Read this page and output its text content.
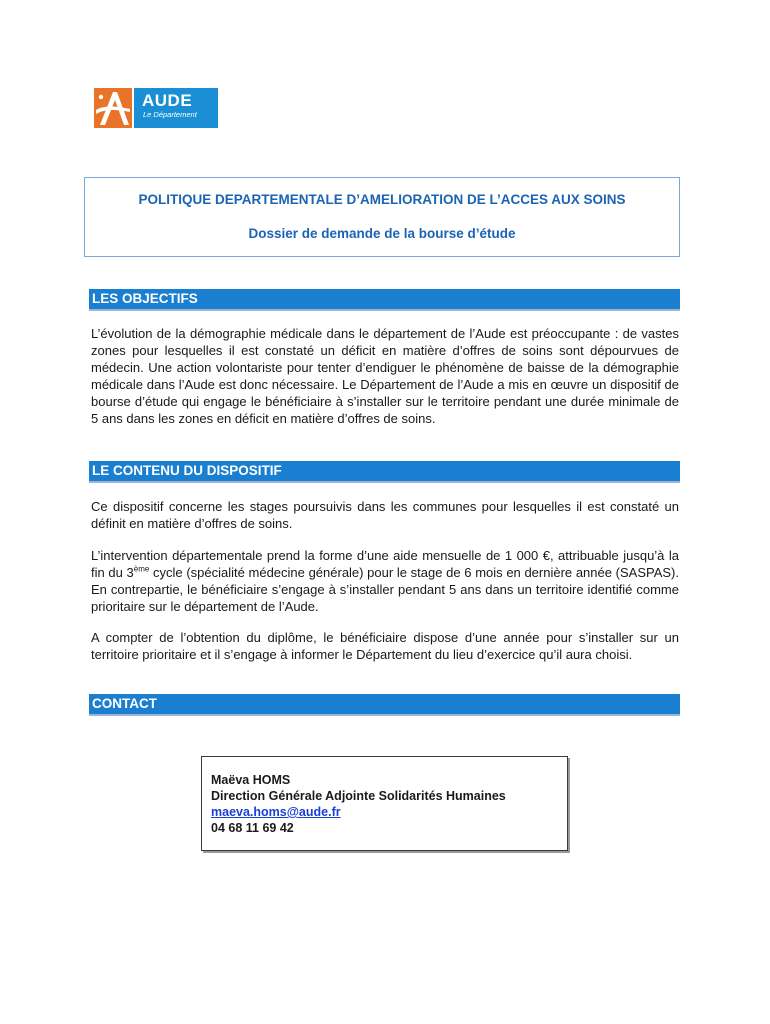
AUDE
Le Département
POLITIQUE DEPARTEMENTALE D’AMELIORATION DE L’ACCES AUX SOINS
Dossier de demande de la bourse d’étude
LES OBJECTIFS

L’évolution de la démographie médicale dans le département de l’Aude est préoccupante : de vastes zones pour lesquelles il est constaté un déficit en matière d’offres de soins sont dépourvues de médecin. Une action volontariste pour tenter d’endiguer le phénomène de baisse de la démographie médicale dans l’Aude est donc nécessaire. Le Département de l’Aude a mis en œuvre un dispositif de bourse d’étude qui engage le bénéficiaire à s’installer sur le territoire pendant une durée minimale de 5 ans dans les zones en déficit en matière d’offres de soins.

LE CONTENU DU DISPOSITIF

Ce dispositif concerne les stages poursuivis dans les communes pour lesquelles il est constaté un définit en matière d’offres de soins.

L’intervention départementale prend la forme d’une aide mensuelle de 1 000 €, attribuable jusqu’à la fin du 3ème cycle (spécialité médecine générale) pour le stage de 6 mois en dernière année (SASPAS). En contrepartie, le bénéficiaire s’engage à s’installer pendant 5 ans dans un territoire identifié comme prioritaire sur le département de l’Aude.

A compter de l’obtention du diplôme, le bénéficiaire dispose d’une année pour s’installer sur un territoire prioritaire et il s’engage à informer le Département du lieu d’exercice qu’il aura choisi.

CONTACT
Maëva HOMS
Direction Générale Adjointe Solidarités Humaines
maeva.homs@aude.fr
04 68 11 69 42
